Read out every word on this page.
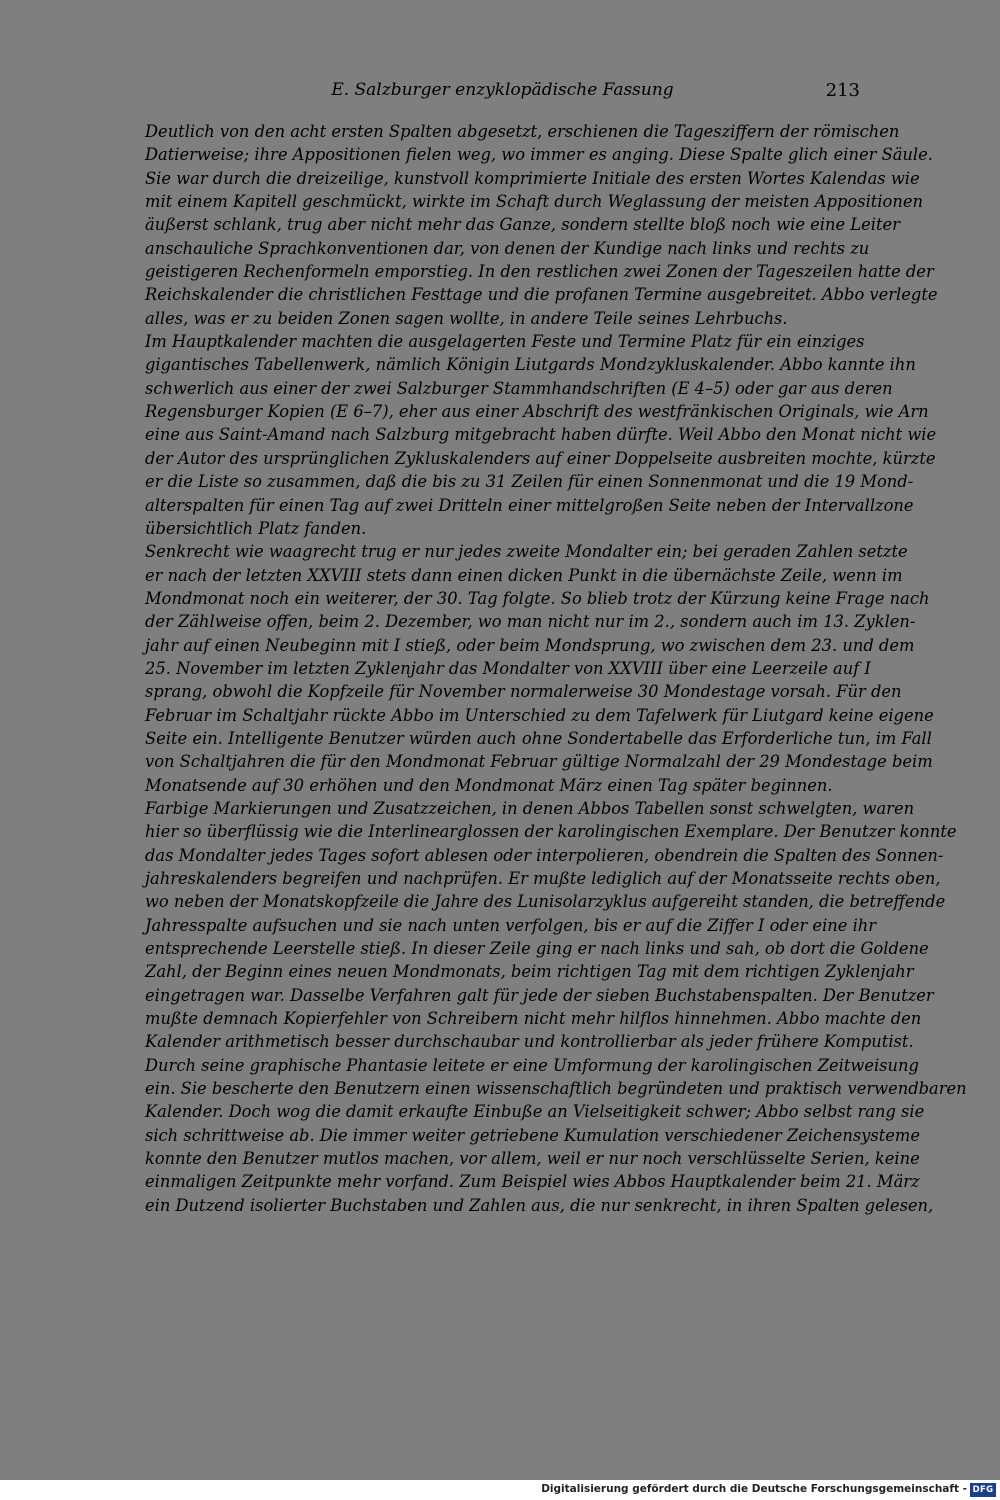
E. Salzburger enzyklopädische Fassung	213
Deutlich von den acht ersten Spalten abgesetzt, erschienen die Tagesziffern der römischen
Datierweise; ihre Appositionen fielen weg, wo immer es anging. Diese Spalte glich einer Säule.
Sie war durch die dreizeilige, kunstvoll komprimierte Initiale des ersten Wortes Kalendas wie
mit einem Kapitell geschmückt, wirkte im Schaft durch Weglassung der meisten Appositionen
äußerst schlank, trug aber nicht mehr das Ganze, sondern stellte bloß noch wie eine Leiter
anschauliche Sprachkonventionen dar, von denen der Kundige nach links und rechts zu
geistigeren Rechenformeln emporstieg. In den restlichen zwei Zonen der Tageszeilen hatte der
Reichskalender die christlichen Festtage und die profanen Termine ausgebreitet. Abbo verlegte
alles, was er zu beiden Zonen sagen wollte, in andere Teile seines Lehrbuchs.
Im Hauptkalender machten die ausgelagerten Feste und Termine Platz für ein einziges
gigantisches Tabellenwerk, nämlich Königin Liutgards Mondzykluskalender. Abbo kannte ihn
schwerlich aus einer der zwei Salzburger Stammhandschriften (E 4–5) oder gar aus deren
Regensburger Kopien (E 6–7), eher aus einer Abschrift des westfränkischen Originals, wie Arn
eine aus Saint-Amand nach Salzburg mitgebracht haben dürfte. Weil Abbo den Monat nicht wie
der Autor des ursprünglichen Zykluskalenders auf einer Doppelseite ausbreiten mochte, kürzte
er die Liste so zusammen, daß die bis zu 31 Zeilen für einen Sonnenmonat und die 19 Mond-
alterspalten für einen Tag auf zwei Dritteln einer mittelgroßen Seite neben der Intervallzone
übersichtlich Platz fanden.
Senkrecht wie waagrecht trug er nur jedes zweite Mondalter ein; bei geraden Zahlen setzte
er nach der letzten XXVIII stets dann einen dicken Punkt in die übernächste Zeile, wenn im
Mondmonat noch ein weiterer, der 30. Tag folgte. So blieb trotz der Kürzung keine Frage nach
der Zählweise offen, beim 2. Dezember, wo man nicht nur im 2., sondern auch im 13. Zyklen-
jahr auf einen Neubeginn mit I stieß, oder beim Mondsprung, wo zwischen dem 23. und dem
25. November im letzten Zyklenjahr das Mondalter von XXVIII über eine Leerzeile auf I
sprang, obwohl die Kopfzeile für November normalerweise 30 Mondestage vorsah. Für den
Februar im Schaltjahr rückte Abbo im Unterschied zu dem Tafelwerk für Liutgard keine eigene
Seite ein. Intelligente Benutzer würden auch ohne Sondertabelle das Erforderliche tun, im Fall
von Schaltjahren die für den Mondmonat Februar gültige Normalzahl der 29 Mondestage beim
Monatsende auf 30 erhöhen und den Mondmonat März einen Tag später beginnen.
Farbige Markierungen und Zusatzzeichen, in denen Abbos Tabellen sonst schwelgten, waren
hier so überflüssig wie die Interlinearglossen der karolingischen Exemplare. Der Benutzer konnte
das Mondalter jedes Tages sofort ablesen oder interpolieren, obendrein die Spalten des Sonnen-
jahreskalenders begreifen und nachprüfen. Er mußte lediglich auf der Monatsseite rechts oben,
wo neben der Monatskopfzeile die Jahre des Lunisolarzyklus aufgereiht standen, die betreffende
Jahresspalte aufsuchen und sie nach unten verfolgen, bis er auf die Ziffer I oder eine ihr
entsprechende Leerstelle stieß. In dieser Zeile ging er nach links und sah, ob dort die Goldene
Zahl, der Beginn eines neuen Mondmonats, beim richtigen Tag mit dem richtigen Zyklenjahr
eingetragen war. Dasselbe Verfahren galt für jede der sieben Buchstabenspalten. Der Benutzer
mußte demnach Kopierfehler von Schreibern nicht mehr hilflos hinnehmen. Abbo machte den
Kalender arithmetisch besser durchschaubar und kontrollierbar als jeder frühere Komputist.
Durch seine graphische Phantasie leitete er eine Umformung der karolingischen Zeitweisung
ein. Sie bescherte den Benutzern einen wissenschaftlich begründeten und praktisch verwendbaren
Kalender. Doch wog die damit erkaufte Einbuße an Vielseitigkeit schwer; Abbo selbst rang sie
sich schrittweise ab. Die immer weiter getriebene Kumulation verschiedener Zeichensysteme
konnte den Benutzer mutlos machen, vor allem, weil er nur noch verschlüsselte Serien, keine
einmaligen Zeitpunkte mehr vorfand. Zum Beispiel wies Abbos Hauptkalender beim 21. März
ein Dutzend isolierter Buchstaben und Zahlen aus, die nur senkrecht, in ihren Spalten gelesen,
Digitalisierung gefördert durch die Deutsche Forschungsgemeinschaft - DFG
